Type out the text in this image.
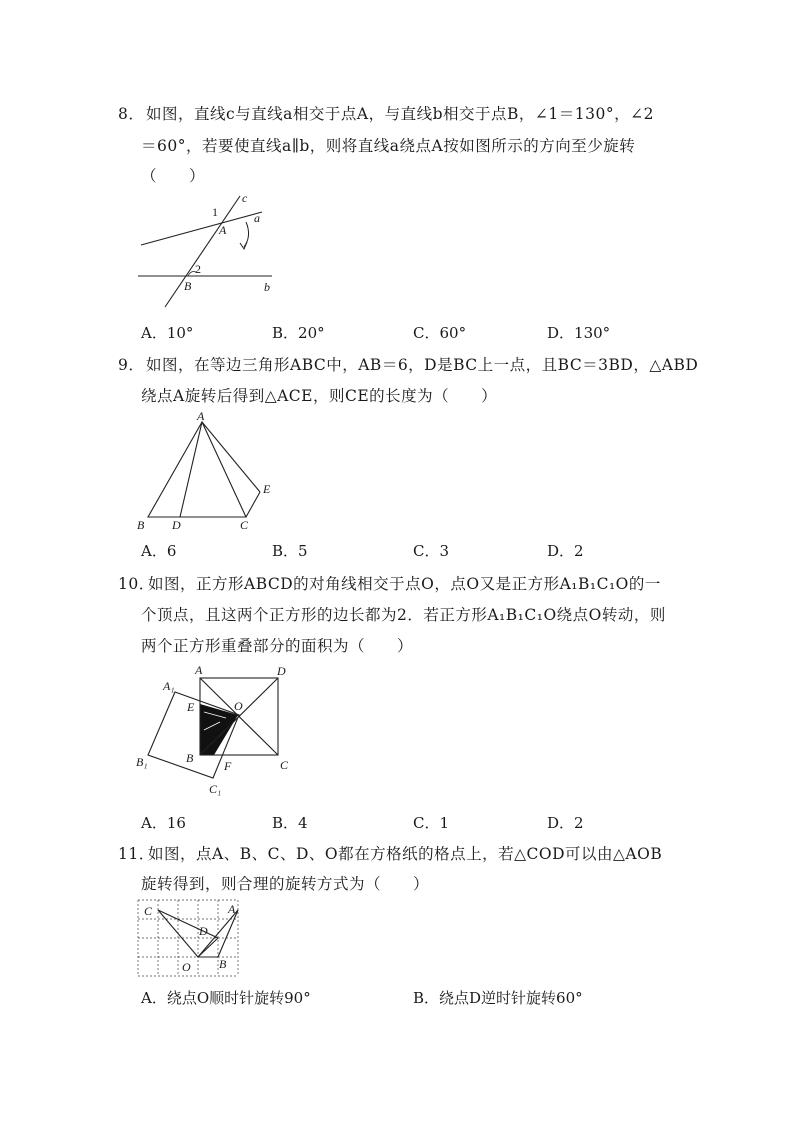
8． 如图，直线c与直线a相交于点A，与直线b相交于点B，∠1＝130°，∠2
＝60°，若要使直线a∥b，则将直线a绕点A按如图所示的方向至少旋转
（　　）
1
A
c
a
2
B	b
A．10°	B．20°	C．60°	D．130°
9． 如图，在等边三角形ABC中，AB＝6，D是BC上一点，且BC＝3BD，△ABD
绕点A旋转后得到△ACE，则CE的长度为（　　）
A
B D	C
E
A．6	B．5	C．3	D．2
10．
如图，正方形ABCD的对角线相交于点O，点O又是正方形A₁B₁C₁O的一
个顶点，且这两个正方形的边长都为2．若正方形A₁B₁C₁O绕点O转动，则
两个正方形重叠部分的面积为（　　）
A	D
A₁
E	O
B₁	B
F	C
C₁
A．16	B．4	C．1	D．2
11．
如图，点A、B、C、D、O都在方格纸的格点上，若△COD可以由△AOB
旋转得到，则合理的旋转方式为（　　）
C	A
D
O B
A．绕点O顺时针旋转90°	B．绕点D逆时针旋转60°
